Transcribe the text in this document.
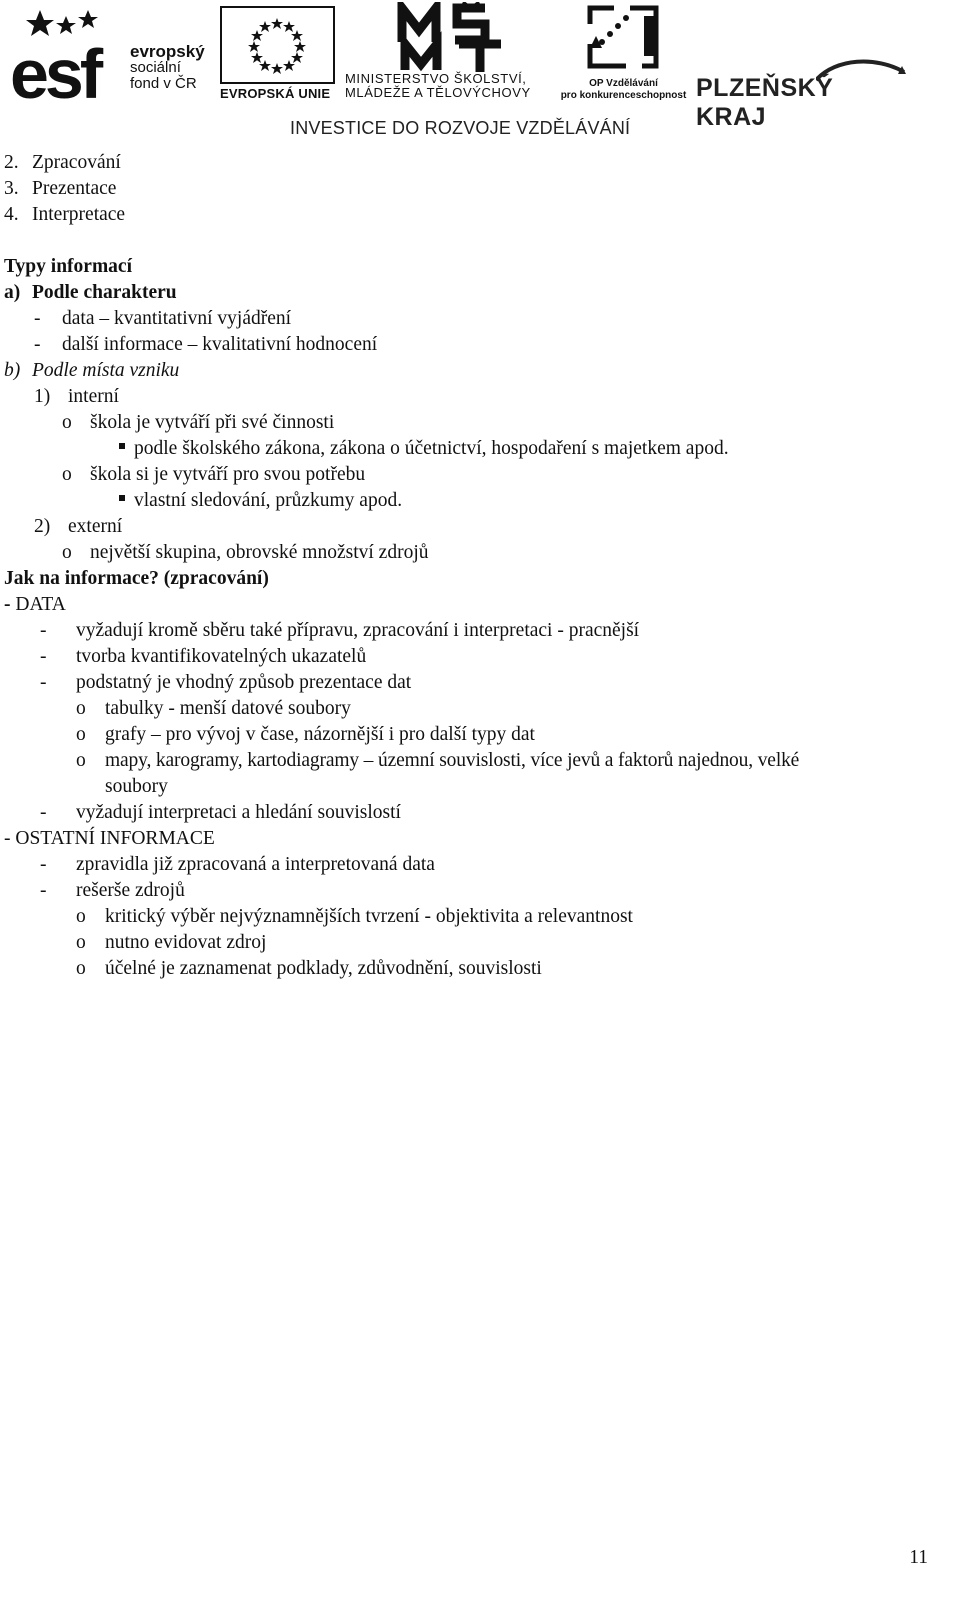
esf evropský
sociální
fond v ČR
EVROPSKÁ UNIE
MINISTERSTVO ŠKOLSTVÍ,
MLÁDEŽE A TĚLOVÝCHOVY
OP Vzdělávání
pro konkurenceschopnost PLZEŇSKÝ KRAJ
INVESTICE DO ROZVOJE VZDĚLÁVÁNÍ
2. Zpracování
3. Prezentace
4. Interpretace
Typy informací
a) Podle charakteru
- data – kvantitativní vyjádření
- další informace – kvalitativní hodnocení
b) Podle místa vzniku
1) interní
o škola je vytváří při své činnosti
podle školského zákona, zákona o účetnictví, hospodaření s majetkem apod.
o škola si je vytváří pro svou potřebu
vlastní sledování, průzkumy apod.
2) externí
o největší skupina, obrovské množství zdrojů
Jak na informace? (zpracování)
- DATA
- vyžadují kromě sběru také přípravu, zpracování i interpretaci - pracnější
- tvorba kvantifikovatelných ukazatelů
- podstatný je vhodný způsob prezentace dat
o tabulky - menší datové soubory
o grafy – pro vývoj v čase, názornější i pro další typy dat
o mapy, karogramy, kartodiagramy – územní souvislosti, více jevů a faktorů najednou, velké
soubory
- vyžadují interpretaci a hledání souvislostí
- OSTATNÍ INFORMACE
- zpravidla již zpracovaná a interpretovaná data
- rešerše zdrojů
o kritický výběr nejvýznamnějších tvrzení - objektivita a relevantnost
o nutno evidovat zdroj
o účelné je zaznamenat podklady, zdůvodnění, souvislosti
11
